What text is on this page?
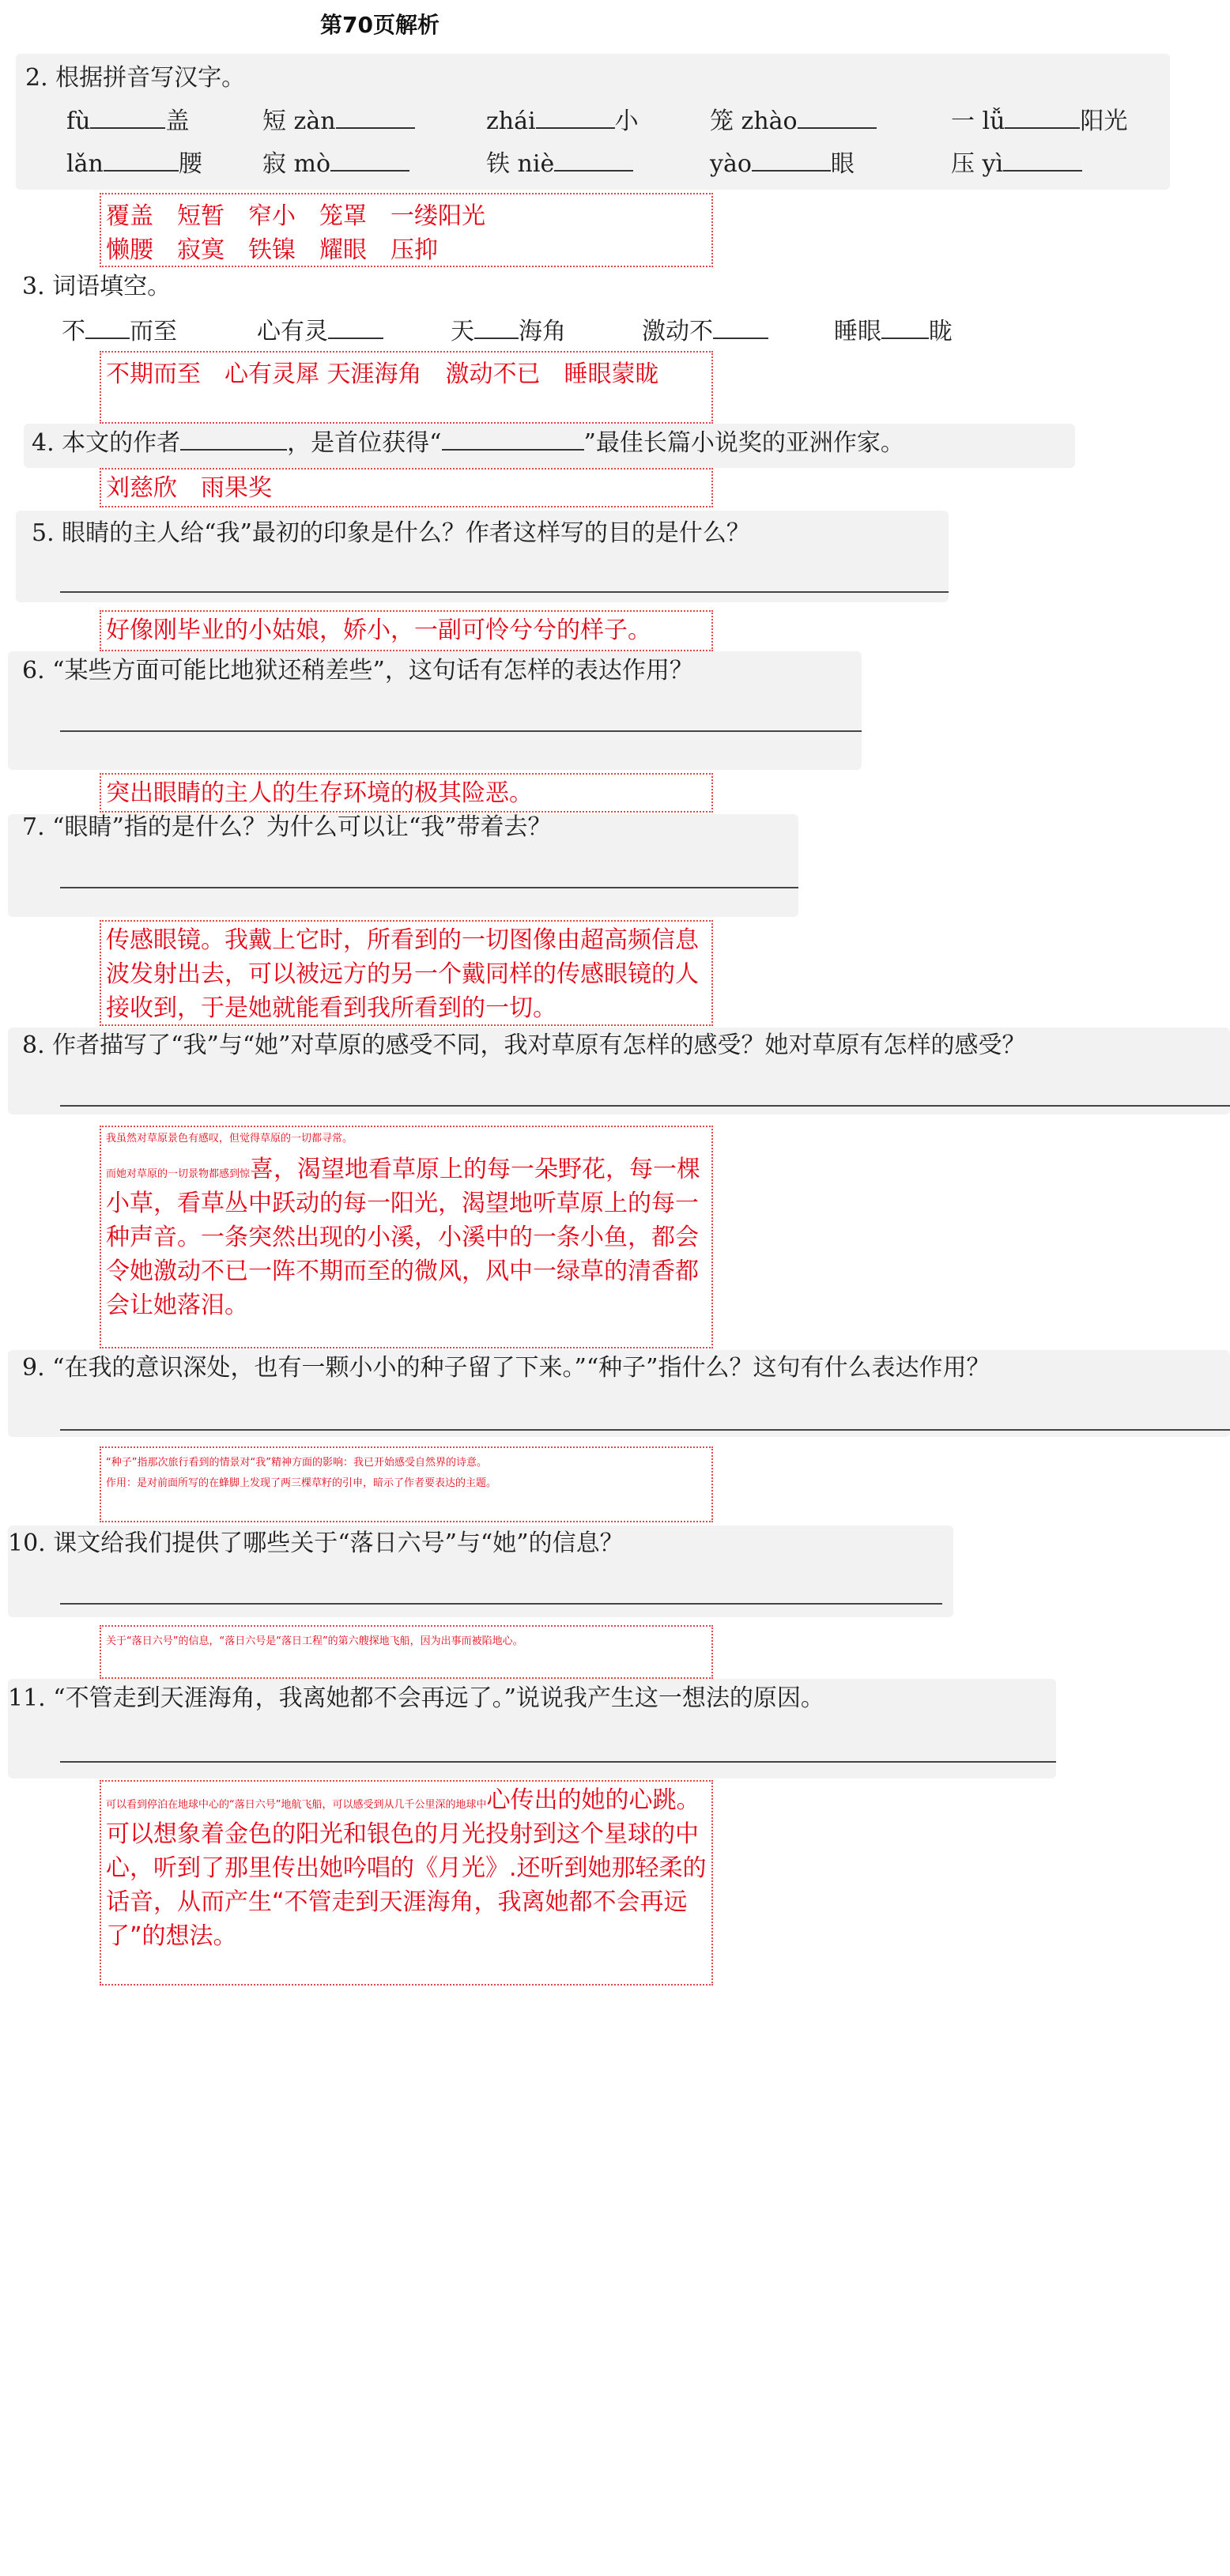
第70页解析
2. 根据拼音写汉字。
fù	盖	短 zàn	zhái	小	笼 zhào	一 lǚ	阳光
lǎn	腰	寂 mò	铁 niè	yào	眼	压 yì
覆盖　短暂　窄小　笼罩　一缕阳光
懒腰　寂寞　铁镍　耀眼　压抑
3. 词语填空。
不 而至	心有灵	天 海角	激动不	睡眼 眬
不期而至　心有灵犀 天涯海角　激动不已　睡眼蒙眬
4. 本文的作者	，是首位获得“	”最佳长篇小说奖的亚洲作家。
刘慈欣　雨果奖
5. 眼睛的主人给“我”最初的印象是什么？作者这样写的目的是什么？
好像刚毕业的小姑娘，娇小，一副可怜兮兮的样子。
6. “某些方面可能比地狱还稍差些”，这句话有怎样的表达作用？
突出眼睛的主人的生存环境的极其险恶。
7. “眼睛”指的是什么？为什么可以让“我”带着去？
传感眼镜。我戴上它时，所看到的一切图像由超高频信息波发射出去，可以被远方的另一个戴同样的传感眼镜的人接收到，于是她就能看到我所看到的一切。
8. 作者描写了“我”与“她”对草原的感受不同，我对草原有怎样的感受？她对草原有怎样的感受？
我虽然对草原景色有感叹，但觉得草原的一切都寻常。
而她对草原的一切景物都感到惊喜，渴望地看草原上的每一朵野花，每一棵小草，看草丛中跃动的每一阳光，渴望地听草原上的每一种声音。一条突然出现的小溪，小溪中的一条小鱼，都会令她激动不已一阵不期而至的微风，风中一绿草的清香都会让她落泪。
9. “在我的意识深处，也有一颗小小的种子留了下来。”“种子”指什么？这句有什么表达作用？
“种子”指那次旅行看到的情景对“我”精神方面的影响：我已开始感受自然界的诗意。
作用：是对前面所写的在蜂脚上发现了两三棵草籽的引申，暗示了作者要表达的主题。
10. 课文给我们提供了哪些关于“落日六号”与“她”的信息？
关于“落日六号”的信息，“落日六号是“落日工程”的第六艘探地飞船，因为出事而被陷地心。
11. “不管走到天涯海角，我离她都不会再远了。”说说我产生这一想法的原因。
可以看到停泊在地球中心的“落日六号”地航飞船，可以感受到从几千公里深的地球中心传出的她的心跳。可以想象着金色的阳光和银色的月光投射到这个星球的中心，听到了那里传出她吟唱的《月光》.还听到她那轻柔的话音，从而产生“不管走到天涯海角，我离她都不会再远了”的想法。
